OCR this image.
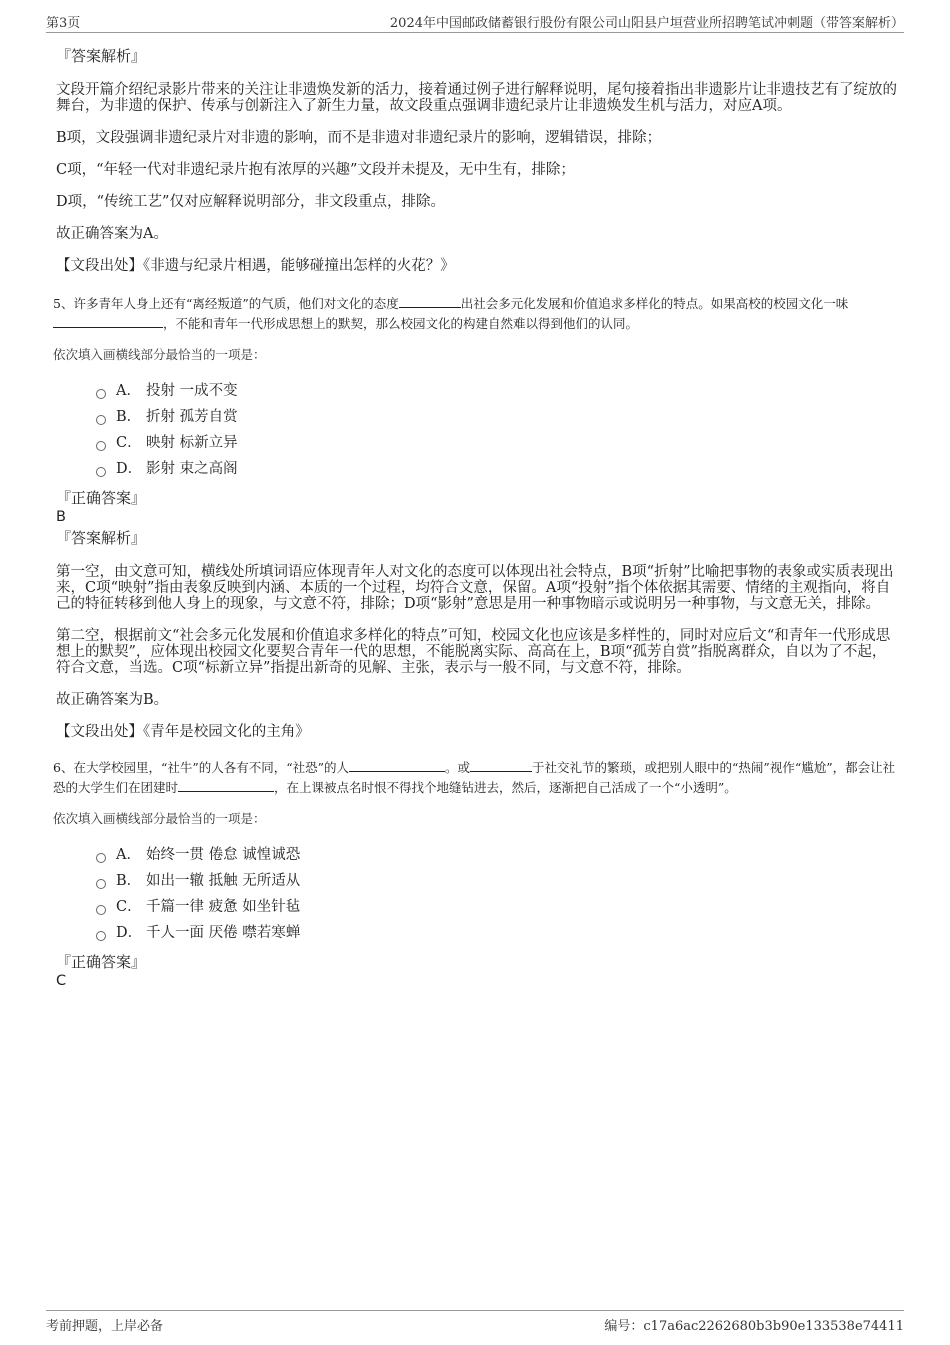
第3页	2024年中国邮政储蓄银行股份有限公司山阳县户垣营业所招聘笔试冲刺题（带答案解析）

『答案解析』

文段开篇介绍纪录影片带来的关注让非遗焕发新的活力，接着通过例子进行解释说明，尾句接着指出非遗影片让非遗技艺有了绽放的舞台，为非遗的保护、传承与创新注入了新生力量，故文段重点强调非遗纪录片让非遗焕发生机与活力，对应A项。

B项，文段强调非遗纪录片对非遗的影响，而不是非遗对非遗纪录片的影响，逻辑错误，排除；

C项，“年轻一代对非遗纪录片抱有浓厚的兴趣”文段并未提及，无中生有，排除；

D项，“传统工艺”仅对应解释说明部分，非文段重点，排除。

故正确答案为A。

【文段出处】《非遗与纪录片相遇，能够碰撞出怎样的火花？》

5、许多青年人身上还有“离经叛道”的气质，他们对文化的态度	出社会多元化发展和价值追求多样化的特点。如果高校的校园文化一味，不能和青年一代形成思想上的默契，那么校园文化的构建自然难以得到他们的认同。

依次填入画横线部分最恰当的一项是：

A． 投射 一成不变
B． 折射 孤芳自赏
C． 映射 标新立异
D． 影射 束之高阁

『正确答案』

B

『答案解析』

第一空，由文意可知，横线处所填词语应体现青年人对文化的态度可以体现出社会特点，B项“折射”比喻把事物的表象或实质表现出来，C项“映射”指由表象反映到内涵、本质的一个过程，均符合文意，保留。A项“投射”指个体依据其需要、情绪的主观指向，将自己的特征转移到他人身上的现象，与文意不符，排除；D项“影射”意思是用一种事物暗示或说明另一种事物，与文意无关，排除。

第二空，根据前文“社会多元化发展和价值追求多样化的特点”可知，校园文化也应该是多样性的，同时对应后文“和青年一代形成思想上的默契”，应体现出校园文化要契合青年一代的思想，不能脱离实际、高高在上，B项“孤芳自赏”指脱离群众，自以为了不起，符合文意，当选。C项“标新立异”指提出新奇的见解、主张，表示与一般不同，与文意不符，排除。

故正确答案为B。

【文段出处】《青年是校园文化的主角》

6、在大学校园里，“社牛”的人各有不同，“社恐”的人	。或	于社交礼节的繁琐，或把别人眼中的“热闹”视作“尴尬”，都会让社恐的大学生们在团建时	，在上课被点名时恨不得找个地缝钻进去，然后，逐渐把自己活成了一个“小透明”。

依次填入画横线部分最恰当的一项是：

A． 始终一贯 倦怠 诚惶诚恐
B． 如出一辙 抵触 无所适从
C． 千篇一律 疲惫 如坐针毡
D． 千人一面 厌倦 噤若寒蝉

『正确答案』

C

考前押题，上岸必备	编号：c17a6ac2262680b3b90e133538e74411
